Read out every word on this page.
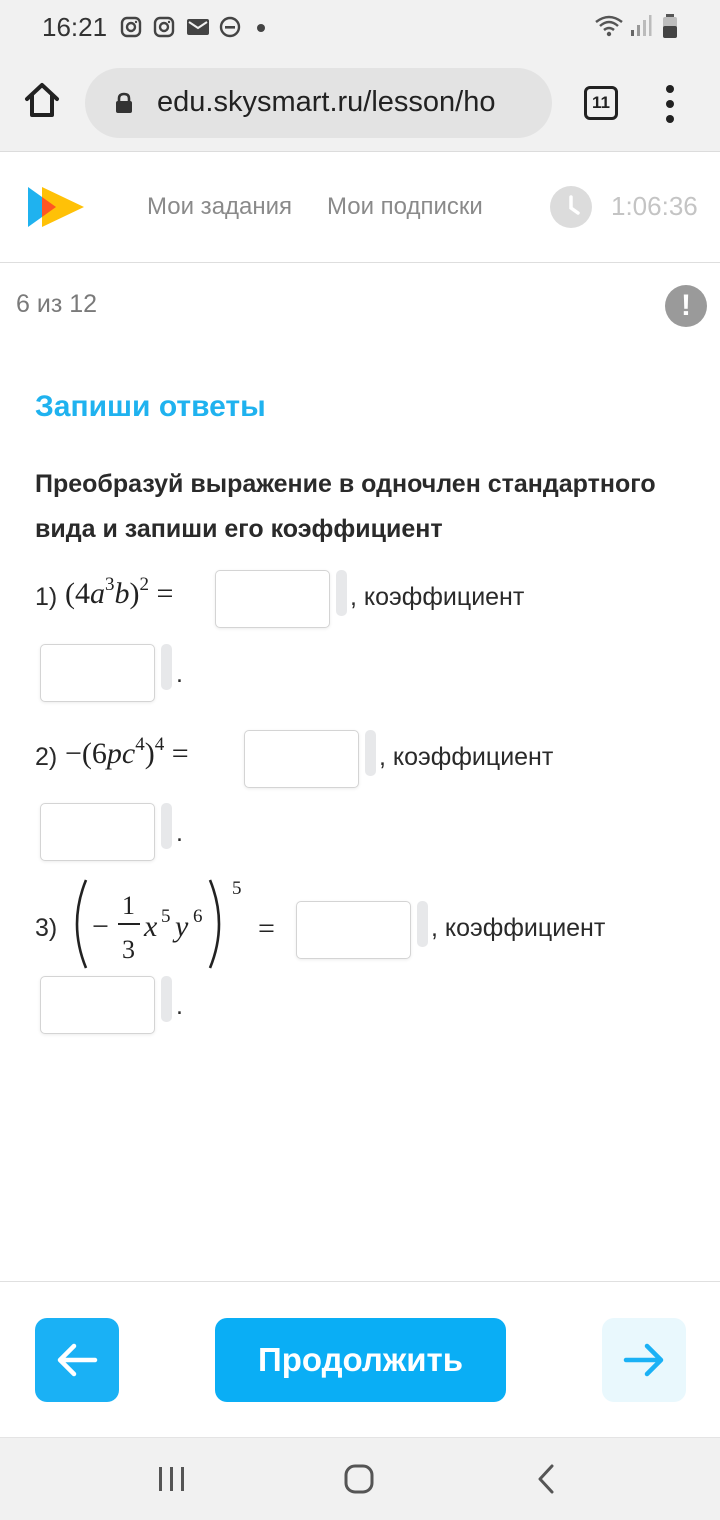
16:21
edu.skysmart.ru/lesson/ho	11
Мои задания Мои подписки	1:06:36
6 из 12	!
Запиши ответы
Преобразуй выражение в одночлен стандартного вида и запиши его коэффициент
1) $(4a^3b)^2$ =	, коэффициент
.
$2) -(6pc^4)^4$ =	, коэффициент
.
3) −
1
3
x 5 y 6
5
=	, коэффициент
.
Продолжить
